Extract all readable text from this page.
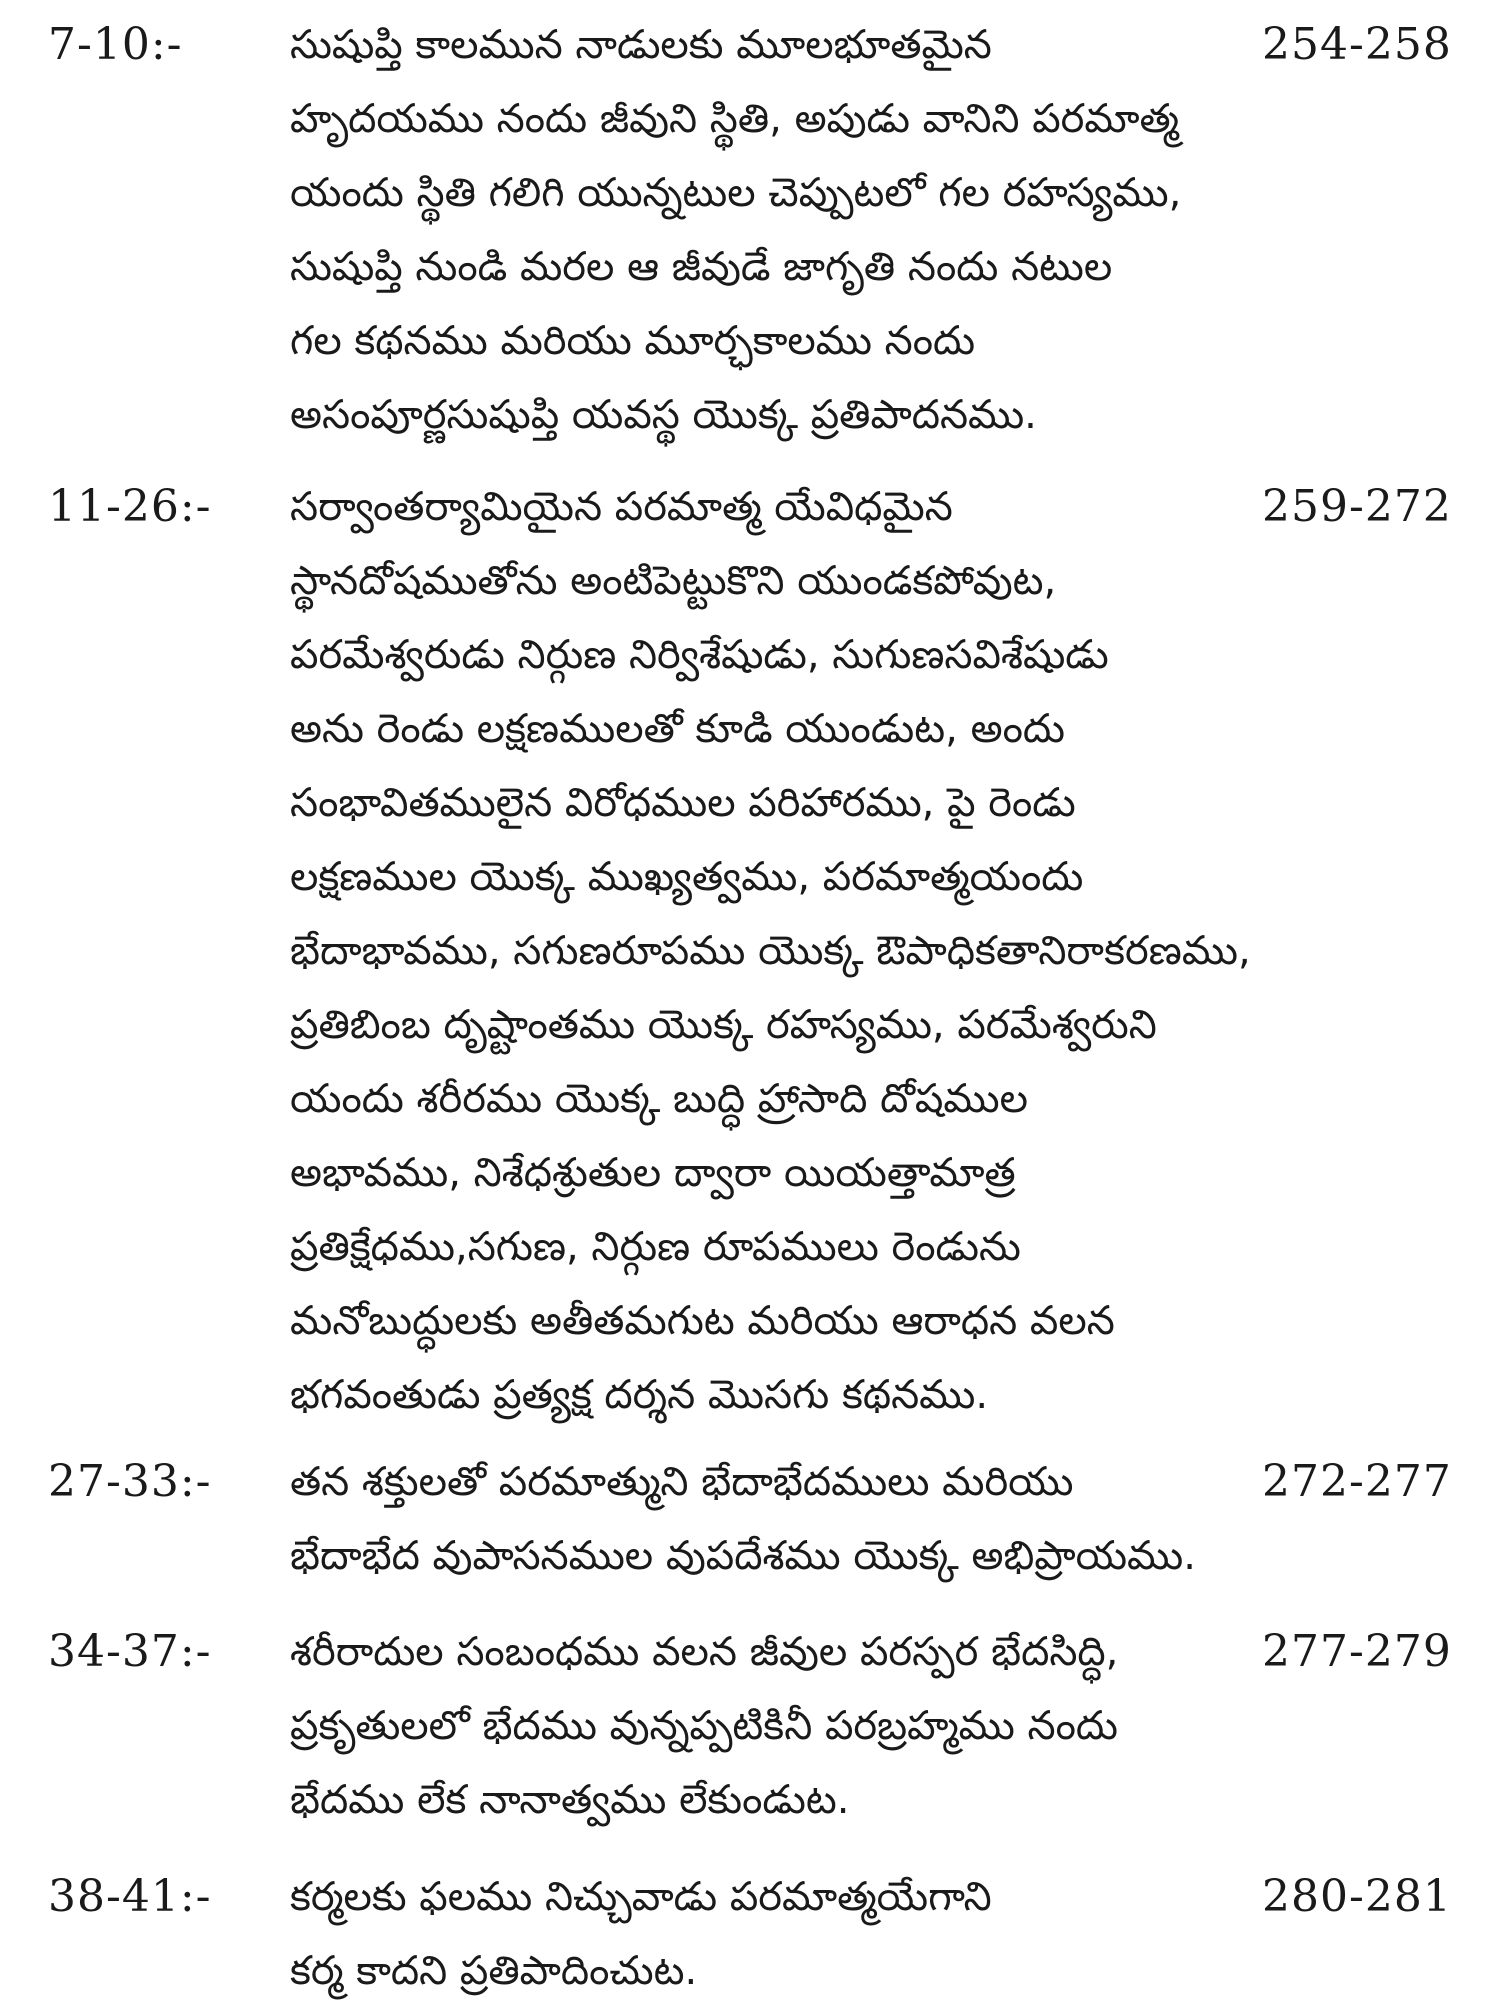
7-10:-	సుషుప్తి కాలమున నాడులకు మూలభూతమైన
హృదయము నందు జీవుని స్థితి, అపుడు వానిని పరమాత్మ
యందు స్థితి గలిగి యున్నటుల చెప్పుటలో గల రహస్యము,
సుషుప్తి నుండి మరల ఆ జీవుడే జాగృతి నందు నటుల
గల కథనము మరియు మూర్ఛకాలము నందు
అసంపూర్ణసుషుప్తి యవస్థ యొక్క ప్రతిపాదనము.
254-258
11-26:- సర్వాంతర్యామియైన పరమాత్మ యేవిధమైన
స్థానదోషముతోను అంటిపెట్టుకొని యుండకపోవుట,
పరమేశ్వరుడు నిర్గుణ నిర్విశేషుడు, సుగుణసవిశేషుడు
అను రెండు లక్షణములతో కూడి యుండుట, అందు
సంభావితములైన విరోధముల పరిహారము, పై రెండు
లక్షణముల యొక్క ముఖ్యత్వము, పరమాత్మయందు
భేదాభావము, సగుణరూపము యొక్క ఔపాధికతానిరాకరణము,
ప్రతిబింబ దృష్టాంతము యొక్క రహస్యము, పరమేశ్వరుని
యందు శరీరము యొక్క బుద్ధి హ్రాసాది దోషముల
అభావము, నిశేధశ్రుతుల ద్వారా యియత్తామాత్ర
ప్రతిక్షేధము,సగుణ, నిర్గుణ రూపములు రెండును
మనోబుద్ధులకు అతీతమగుట మరియు ఆరాధన వలన
భగవంతుడు ప్రత్యక్ష దర్శన మొసగు కథనము.
259-272
27-33:- తన శక్తులతో పరమాత్ముని భేదాభేదములు మరియు
భేదాభేద వుపాసనముల వుపదేశము యొక్క అభిప్రాయము.
272-277
34-37:- శరీరాదుల సంబంధము వలన జీవుల పరస్పర భేదసిద్ధి,
ప్రకృతులలో భేదము వున్నప్పటికినీ పరబ్రహ్మము నందు
భేదము లేక నానాత్వము లేకుండుట.
277-279
38-41:- కర్మలకు ఫలము నిచ్చువాడు పరమాత్మయేగాని
కర్మ కాదని ప్రతిపాదించుట.
280-281
